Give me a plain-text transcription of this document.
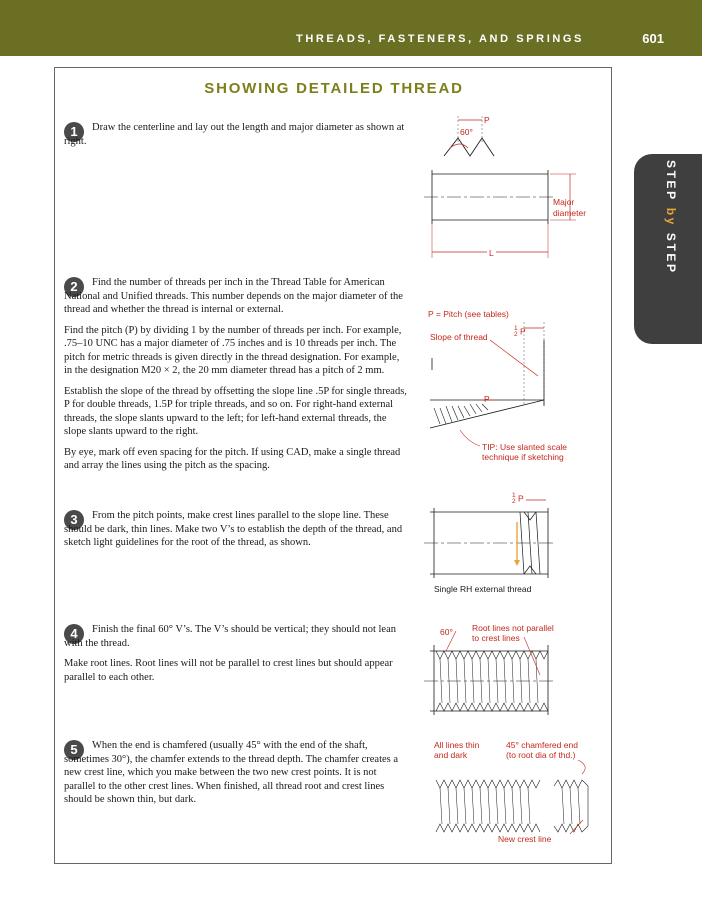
THREADS, FASTENERS, AND SPRINGS	601
STEP by STEP
SHOWING DETAILED THREAD
1	Draw the centerline and lay out the length and major diameter as shown at right.

2	Find the number of threads per inch in the Thread Table for American National and Unified threads. This number depends on the major diameter of the thread and whether the thread is internal or external.

Find the pitch (P) by dividing 1 by the number of threads per inch. For example, .75–10 UNC has a major diameter of .75 inches and is 10 threads per inch. The pitch for metric threads is given directly in the thread designation. For example, in the designation M20 × 2, the 20 mm diameter thread has a pitch of 2 mm.

Establish the slope of the thread by offsetting the slope line .5P for single threads, P for double threads, 1.5P for triple threads, and so on. For right-hand external threads, the slope slants upward to the left; for left-hand external threads, the slope slants upward to the right.

By eye, mark off even spacing for the pitch. If using CAD, make a single thread and array the lines using the pitch as the spacing.

3	From the pitch points, make crest lines parallel to the slope line. These should be dark, thin lines. Make two V’s to establish the depth of the thread, and sketch light guidelines for the root of the thread, as shown.

4	Finish the final 60° V’s. The V’s should be vertical; they should not lean with the thread.

Make root lines. Root lines will not be parallel to crest lines but should appear parallel to each other.

5	When the end is chamfered (usually 45° with the end of the shaft, sometimes 30°), the chamfer extends to the thread depth. The chamfer creates a new crest line, which you make between the two new crest points. It is not parallel to the other crest lines. When finished, all thread root and crest lines should be shown thin, but dark.

P
60°
Major
diameter
L
P = Pitch (see tables)
Slope of thread
1
2 P
P
TIP: Use slanted scale
technique if sketching
1
2 P
Single RH external thread
60° Root lines not parallel
to crest lines
All lines thin
and dark
45° chamfered end
(to root dia of thd.)
New crest line
